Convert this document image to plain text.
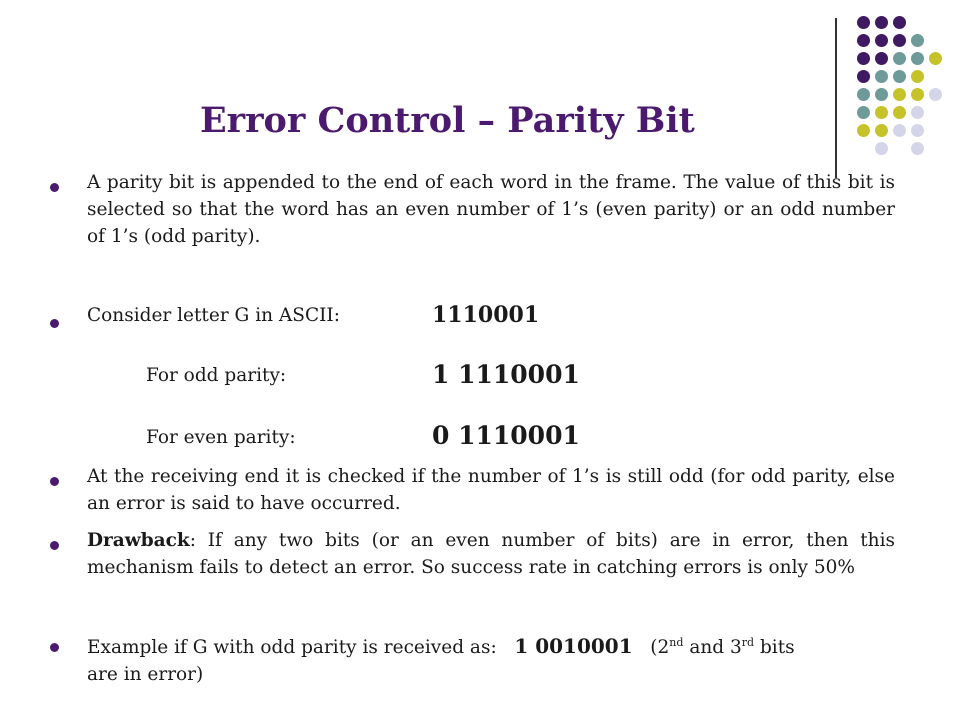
Error Control – Parity Bit
A parity bit is appended to the end of each word in the frame. The value of this bit is selected so that the word has an even number of 1’s (even parity) or an odd number of 1’s (odd parity).
Consider letter G in ASCII:	1110001
For odd parity:	1 1110001
For even parity:	0 1110001
At the receiving end it is checked if the number of 1’s is still odd (for odd parity, else an error is said to have occurred.
Drawback: If any two bits (or an even number of bits) are in error, then this mechanism fails to detect an error. So success rate in catching errors is only 50%
Example if G with odd parity is received as: 1 0010001 (2nd and 3rd bits
are in error)
